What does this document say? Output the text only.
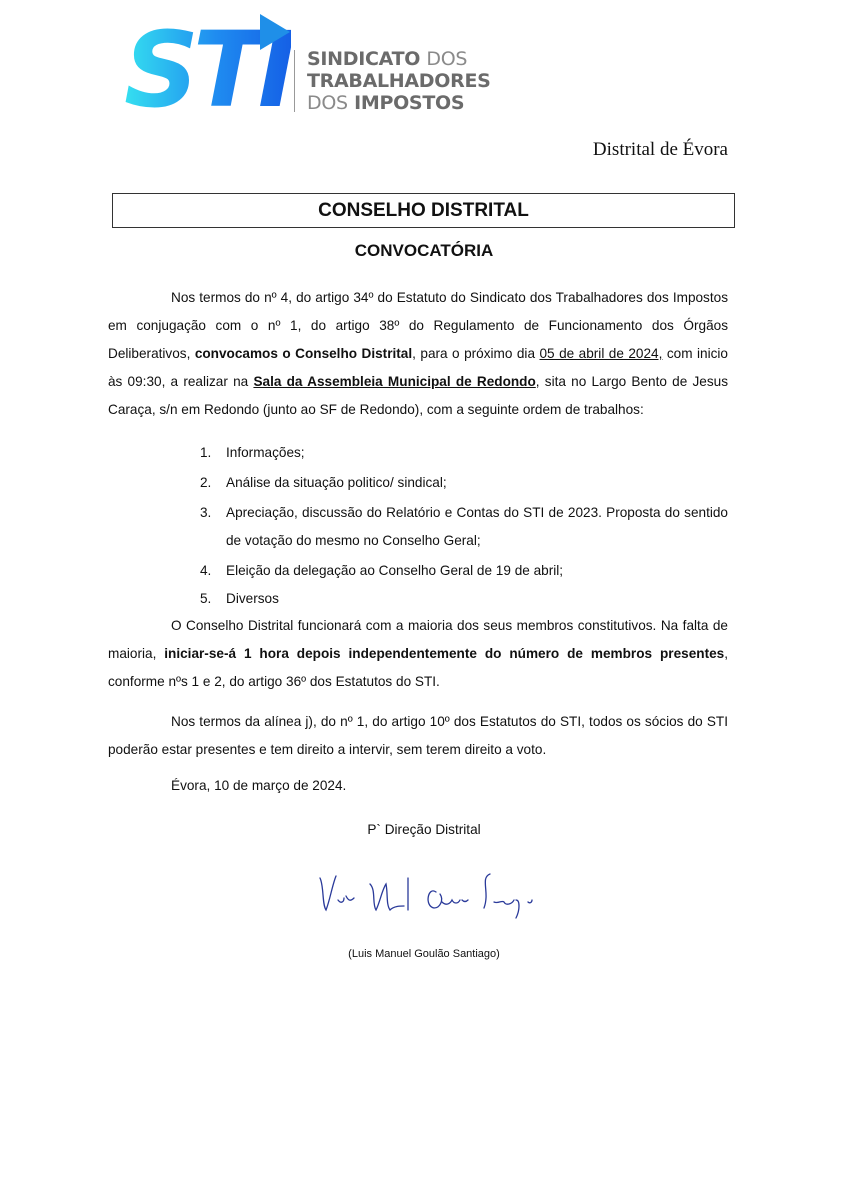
STI SINDICATO DOS
TRABALHADORES
DOS IMPOSTOS
Distrital de Évora
CONSELHO DISTRITAL
CONVOCATÓRIA
Nos termos do nº 4, do artigo 34º do Estatuto do Sindicato dos Trabalhadores dos Impostos em conjugação com o nº 1, do artigo 38º do Regulamento de Funcionamento dos Órgãos Deliberativos, convocamos o Conselho Distrital, para o próximo dia 05 de abril de 2024, com inicio às 09:30, a realizar na Sala da Assembleia Municipal de Redondo, sita no Largo Bento de Jesus Caraça, s/n em Redondo (junto ao SF de Redondo), com a seguinte ordem de trabalhos:
1. Informações;
2. Análise da situação politico/ sindical;
3. Apreciação, discussão do Relatório e Contas do STI de 2023. Proposta do sentido de votação do mesmo no Conselho Geral;
4. Eleição da delegação ao Conselho Geral de 19 de abril;
5. Diversos
O Conselho Distrital funcionará com a maioria dos seus membros constitutivos. Na falta de maioria, iniciar-se-á 1 hora depois independentemente do número de membros presentes, conforme nºs 1 e 2, do artigo 36º dos Estatutos do STI.
Nos termos da alínea j), do nº 1, do artigo 10º dos Estatutos do STI, todos os sócios do STI poderão estar presentes e tem direito a intervir, sem terem direito a voto.
Évora, 10 de março de 2024.
P` Direção Distrital
(Luis Manuel Goulão Santiago)
